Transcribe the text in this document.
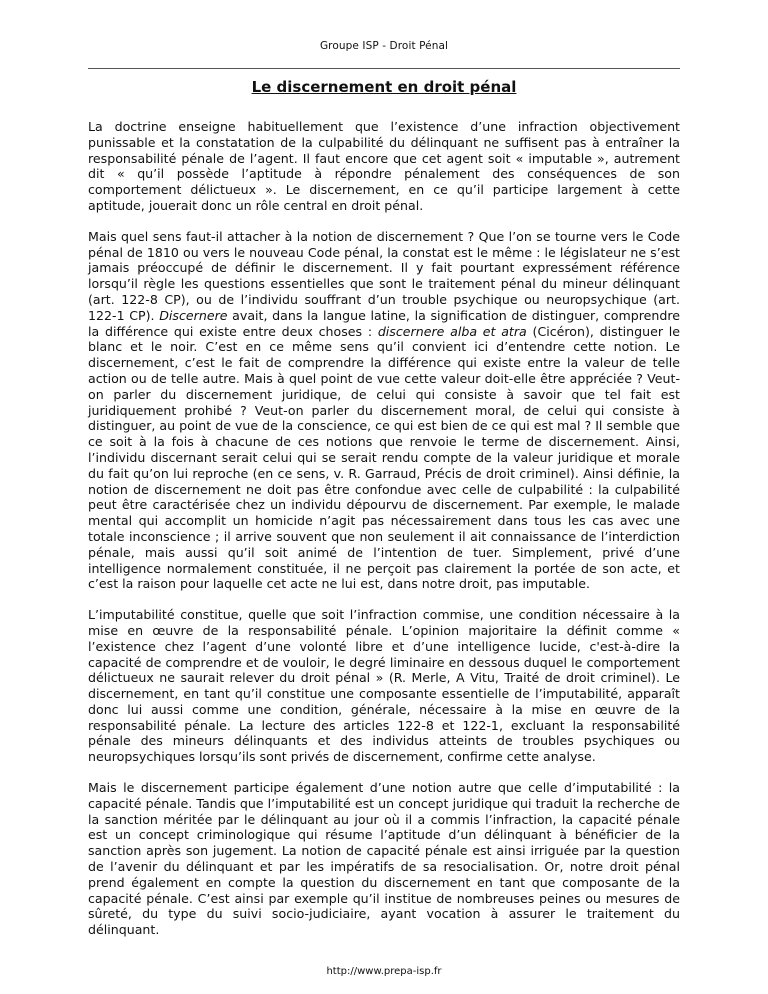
Groupe ISP - Droit Pénal
Le discernement en droit pénal

La doctrine enseigne habituellement que l’existence d’une infraction objectivement punissable et la constatation de la culpabilité du délinquant ne suffisent pas à entraîner la responsabilité pénale de l’agent. Il faut encore que cet agent soit « imputable », autrement dit « qu’il possède l’aptitude à répondre pénalement des conséquences de son comportement délictueux ». Le discernement, en ce qu’il participe largement à cette aptitude, jouerait donc un rôle central en droit pénal.

Mais quel sens faut-il attacher à la notion de discernement ? Que l’on se tourne vers le Code pénal de 1810 ou vers le nouveau Code pénal, la constat est le même : le législateur ne s’est jamais préoccupé de définir le discernement. Il y fait pourtant expressément référence lorsqu’il règle les questions essentielles que sont le traitement pénal du mineur délinquant (art. 122-8 CP), ou de l’individu souffrant d’un trouble psychique ou neuropsychique (art. 122-1 CP). Discernere avait, dans la langue latine, la signification de distinguer, comprendre la différence qui existe entre deux choses : discernere alba et atra (Cicéron), distinguer le blanc et le noir. C’est en ce même sens qu’il convient ici d’entendre cette notion. Le discernement, c’est le fait de comprendre la différence qui existe entre la valeur de telle action ou de telle autre. Mais à quel point de vue cette valeur doit-elle être appréciée ? Veut-on parler du discernement juridique, de celui qui consiste à savoir que tel fait est juridiquement prohibé ? Veut-on parler du discernement moral, de celui qui consiste à distinguer, au point de vue de la conscience, ce qui est bien de ce qui est mal ? Il semble que ce soit à la fois à chacune de ces notions que renvoie le terme de discernement. Ainsi, l’individu discernant serait celui qui se serait rendu compte de la valeur juridique et morale du fait qu’on lui reproche (en ce sens, v. R. Garraud, Précis de droit criminel). Ainsi définie, la notion de discernement ne doit pas être confondue avec celle de culpabilité : la culpabilité peut être caractérisée chez un individu dépourvu de discernement. Par exemple, le malade mental qui accomplit un homicide n’agit pas nécessairement dans tous les cas avec une totale inconscience ; il arrive souvent que non seulement il ait connaissance de l’interdiction pénale, mais aussi qu’il soit animé de l’intention de tuer. Simplement, privé d’une intelligence normalement constituée, il ne perçoit pas clairement la portée de son acte, et c’est la raison pour laquelle cet acte ne lui est, dans notre droit, pas imputable.

L’imputabilité constitue, quelle que soit l’infraction commise, une condition nécessaire à la mise en œuvre de la responsabilité pénale. L’opinion majoritaire la définit comme « l’existence chez l’agent d’une volonté libre et d’une intelligence lucide, c'est-à-dire la capacité de comprendre et de vouloir, le degré liminaire en dessous duquel le comportement délictueux ne saurait relever du droit pénal » (R. Merle, A Vitu, Traité de droit criminel). Le discernement, en tant qu’il constitue une composante essentielle de l’imputabilité, apparaît donc lui aussi comme une condition, générale, nécessaire à la mise en œuvre de la responsabilité pénale. La lecture des articles 122-8 et 122-1, excluant la responsabilité pénale des mineurs délinquants et des individus atteints de troubles psychiques ou neuropsychiques lorsqu’ils sont privés de discernement, confirme cette analyse.

Mais le discernement participe également d’une notion autre que celle d’imputabilité : la capacité pénale. Tandis que l’imputabilité est un concept juridique qui traduit la recherche de la sanction méritée par le délinquant au jour où il a commis l’infraction, la capacité pénale est un concept criminologique qui résume l’aptitude d’un délinquant à bénéficier de la sanction après son jugement. La notion de capacité pénale est ainsi irriguée par la question de l’avenir du délinquant et par les impératifs de sa resocialisation. Or, notre droit pénal prend également en compte la question du discernement en tant que composante de la capacité pénale. C’est ainsi par exemple qu’il institue de nombreuses peines ou mesures de sûreté, du type du suivi socio-judiciaire, ayant vocation à assurer le traitement du délinquant.

http://www.prepa-isp.fr
